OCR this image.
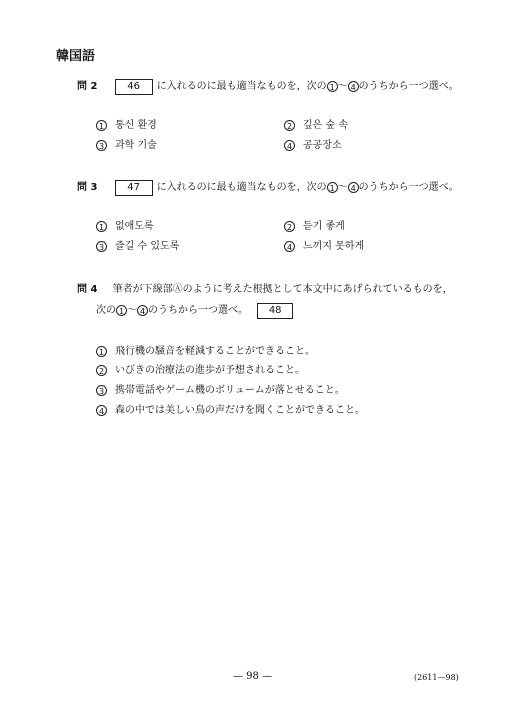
韓国語
問 2	46 に入れるのに最も適当なものを，次の 1 〜 4 のうちから一つ選べ。
1 통신 환경	2 깊은 숲 속
3 과학 기술	4 공공장소
問 3	47 に入れるのに最も適当なものを，次の 1 〜 4 のうちから一つ選べ。
1 없애도록	2 듣기 좋게
3 즐길 수 있도록	4 느끼지 못하게
問 4 筆者が下線部Ⓐのように考えた根拠として本文中にあげられているものを，
次の 1 〜 4 のうちから一つ選べ。 48
1 飛行機の騒音を軽減することができること。
2 いびきの治療法の進歩が予想されること。
3 携帯電話やゲーム機のボリュームが落とせること。
4 森の中では美しい鳥の声だけを聞くことができること。
— 98 —	(2611—98)
